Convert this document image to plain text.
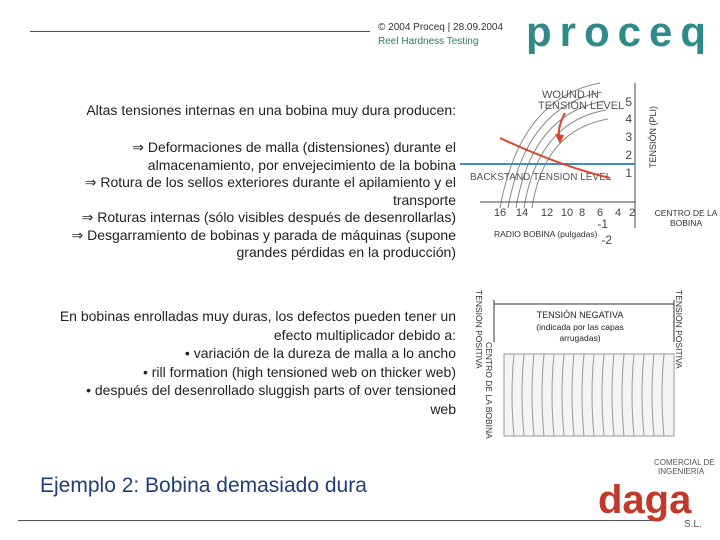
© 2004 Proceq | 28.09.2004
Reel Hardness Testing proceq
Altas tensiones internas en una bobina muy dura producen:
⇒ Deformaciones de malla (distensiones) durante el almacenamiento, por envejecimiento de la bobina
⇒ Rotura de los sellos exteriores durante el apilamiento y el transporte
⇒ Roturas internas (sólo visibles después de desenrollarlas)
⇒ Desgarramiento de bobinas y parada de máquinas (supone grandes pérdidas en la producción)
En bobinas enrolladas muy duras, los defectos pueden tener un
efecto multiplicador debido a:
• variación de la dureza de malla a lo ancho
• rill formation (high tensioned web on thicker web)
• después del desenrollado sluggish parts of over tensioned
web
5
4
3
2
1
-1
-2
16 14 12 10 8 6 4 2
WOUND IN
TENSION LEVEL
BACKSTAND TENSION LEVEL
TENSIÓN (PLI)
RADIO BOBINA (pulgadas)
CENTRO DE LA BOBINA
TENSIÓN POSITIVA
CENTRO DE LA BOBINA
TENSIÓN POSITIVA
TENSIÓN NEGATIVA
(indicada por las capas arrugadas)
Ejemplo 2: Bobina demasiado dura
COMERCIAL DE
INGENIERIA
daga
S.L.
